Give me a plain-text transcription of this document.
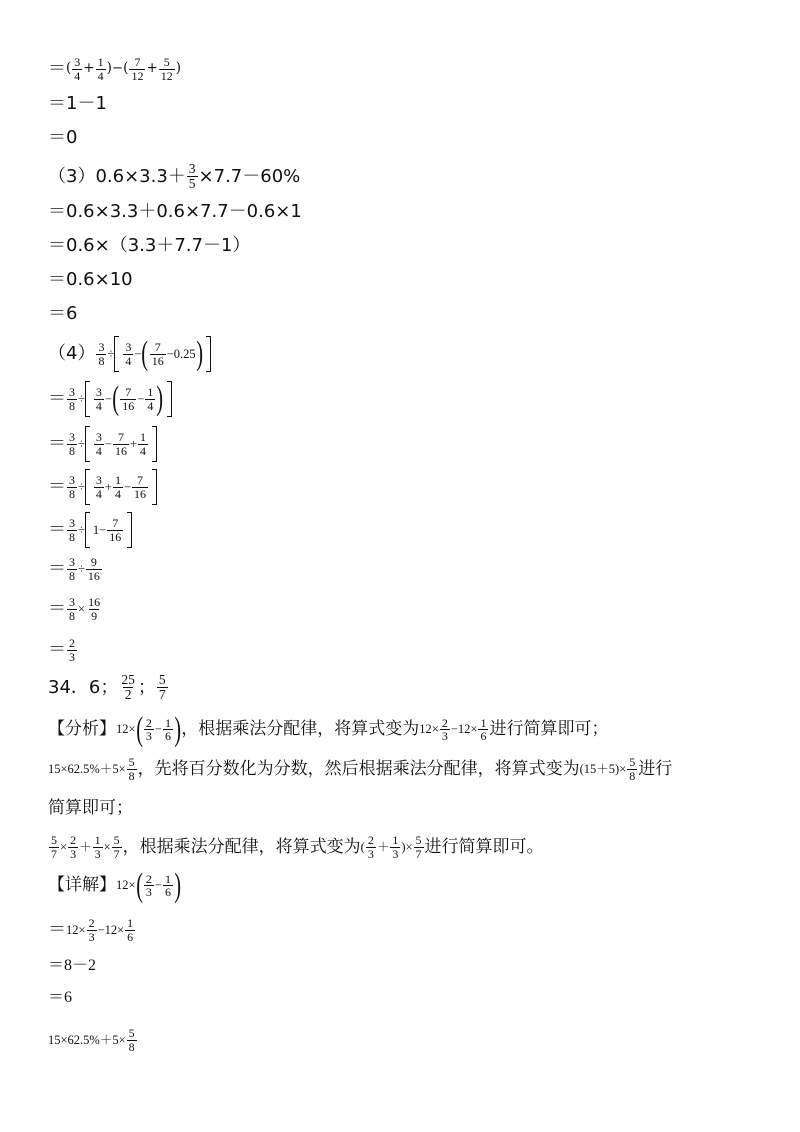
＝ ( $\frac{3}{4} + \frac{1}{4}$ )−( $\frac{7}{12} + \frac{5}{12}$ )
＝1－1
＝0
（3） $0.6\times 3.3+ \frac{3}{5} \times 7.7-60\%$
＝0.6×3.3＋0.6×7.7－0.6×1
＝0.6×（3.3＋7.7－1）
＝0.6×10
＝6
$(4) \frac{3}{8} \div \frac{3}{4}$ − ( $\frac{7}{16} -0.25$ )
＝ $\frac{3}{8} \div \frac{3}{4}$ − ( $\frac{7}{16} - \frac{1}{4}$ )
＝ $\frac{3}{8} \div \frac{3}{4} - \frac{7}{16} + \frac{1}{4}$
＝ $\frac{3}{8} \div \frac{3}{4} + \frac{1}{4} - \frac{7}{16}$
＝ $\frac{3}{8} \div 1- \frac{7}{16}$
＝ $\frac{3}{8} \div \frac{9}{16}$
＝ $\frac{3}{8} \times \frac{16}{9}$
＝ $\frac{2}{3}$
34．6； $\frac{25}{2}$ ； $\frac{5}{7}$
【分析】 12× ( $\frac{2}{3} - \frac{1}{6}$ ) ，根据乘法分配律，将算式变为 $12\times \frac{2}{3} -12\times \frac{1}{6}$ 进行简算即可；
$15\times 62.5\%+5\times \frac{5}{8}$ ，先将百分数化为分数，然后根据乘法分配律，将算式变为 $(15+5)\times \frac{5}{8}$ 进行
简算即可；
$\frac{5}{7} \times \frac{2}{3} + \frac{1}{3} \times \frac{5}{7}$ ，根据乘法分配律，将算式变为 ( $\frac{2}{3} + \frac{1}{3}$ )× $\frac{5}{7}$ 进行简算即可。
【详解】 12× ( $\frac{2}{3} - \frac{1}{6}$ )
＝ $12\times \frac{2}{3} -12\times \frac{1}{6}$
＝8－2
＝6
$15\times 62.5\%+5\times \frac{5}{8}$
